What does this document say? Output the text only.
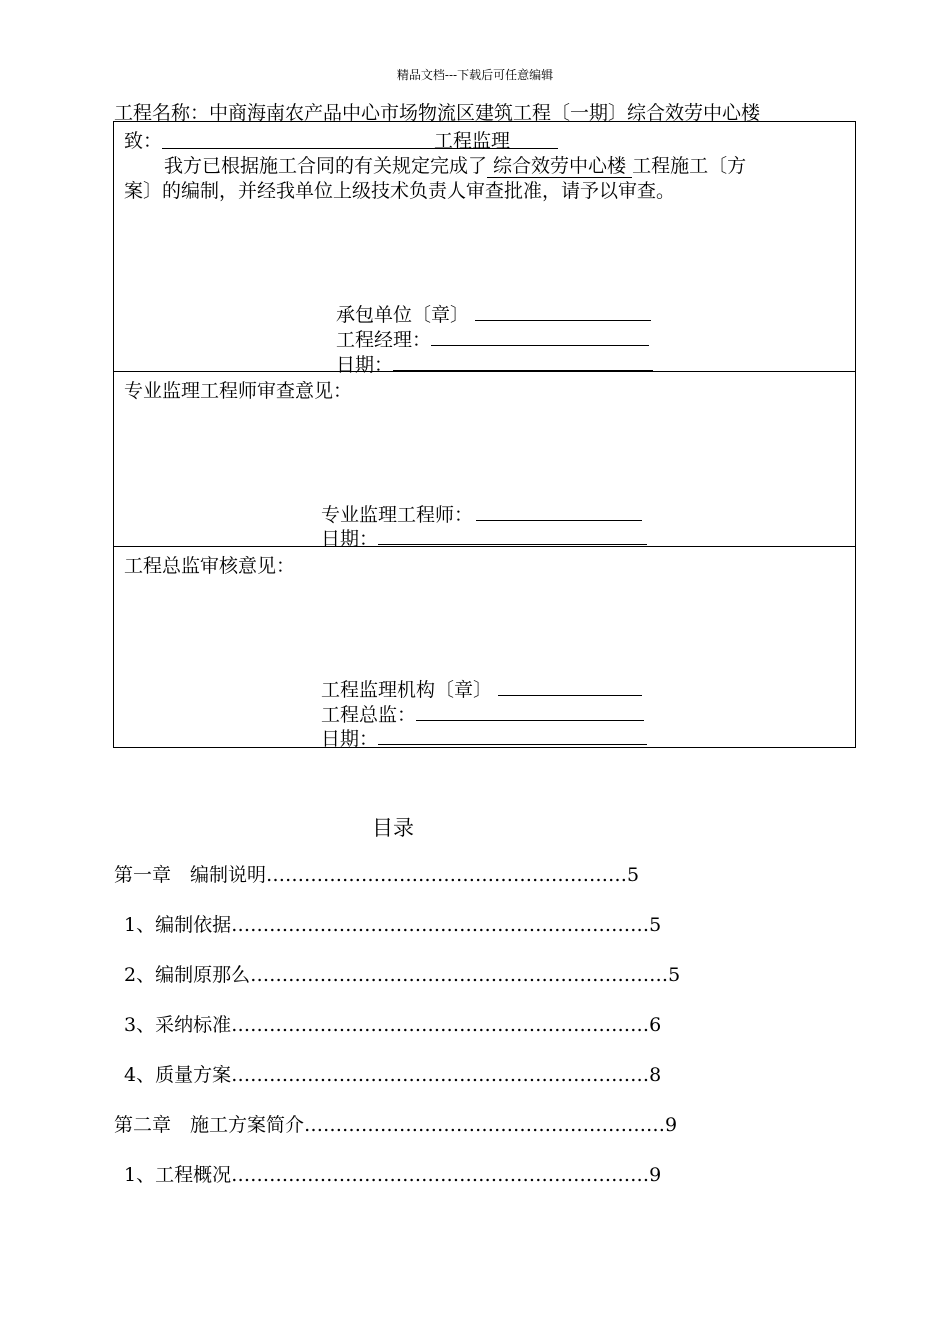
精品文档---下载后可任意编辑
工程名称：中商海南农产品中心市场物流区建筑工程〔一期〕综合效劳中心楼
致：	工程监理
我方已根据施工合同的有关规定完成了 综合效劳中心楼 工程施工〔方
案〕的编制，并经我单位上级技术负责人审查批准，请予以审查。
承包单位〔章〕
工程经理：
日期：
专业监理工程师审查意见：
专业监理工程师：
日期：
工程总监审核意见：
工程监理机构〔章〕
工程总监：
日期：
目录
第一章　编制说明…………………………………………………5
1、编制依据…………………………………………………………5
2、编制原那么…………………………………………………………5
3、采纳标准…………………………………………………………6
4、质量方案…………………………………………………………8
第二章　施工方案简介…………………………………………………9
1、工程概况…………………………………………………………9
